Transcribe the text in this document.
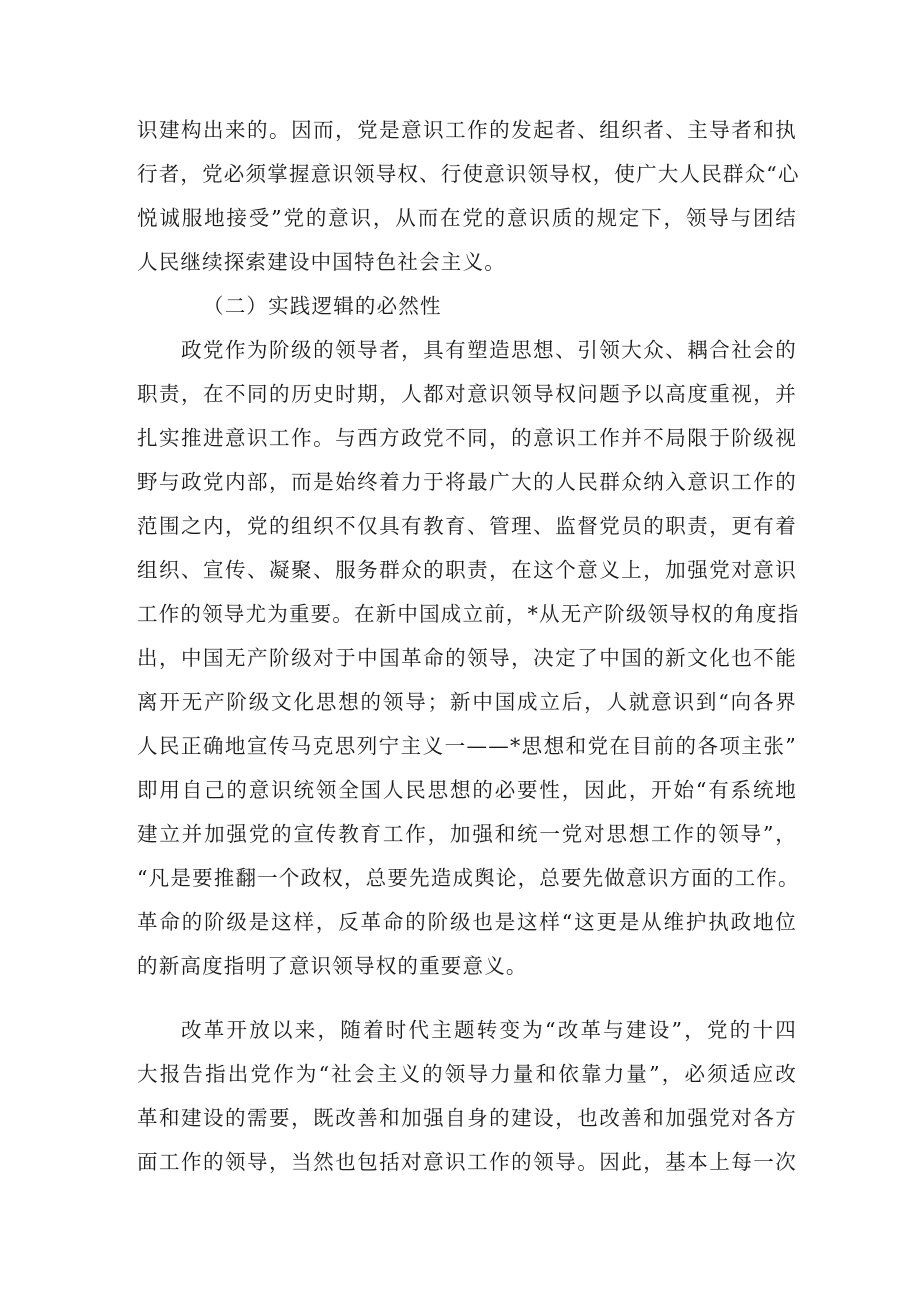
识建构出来的。因而，党是意识工作的发起者、组织者、主导者和执
行者，党必须掌握意识领导权、行使意识领导权，使广大人民群众“心
悦诚服地接受”党的意识，从而在党的意识质的规定下，领导与团结
人民继续探索建设中国特色社会主义。
（二）实践逻辑的必然性
政党作为阶级的领导者，具有塑造思想、引领大众、耦合社会的
职责，在不同的历史时期，人都对意识领导权问题予以高度重视，并
扎实推进意识工作。与西方政党不同，的意识工作并不局限于阶级视
野与政党内部，而是始终着力于将最广大的人民群众纳入意识工作的
范围之内，党的组织不仅具有教育、管理、监督党员的职责，更有着
组织、宣传、凝聚、服务群众的职责，在这个意义上，加强党对意识
工作的领导尤为重要。在新中国成立前，*从无产阶级领导权的角度指
出，中国无产阶级对于中国革命的领导，决定了中国的新文化也不能
离开无产阶级文化思想的领导；新中国成立后，人就意识到“向各界
人民正确地宣传马克思列宁主义一——*思想和党在目前的各项主张”
即用自己的意识统领全国人民思想的必要性，因此，开始“有系统地
建立并加强党的宣传教育工作，加强和统一党对思想工作的领导”，
“凡是要推翻一个政权，总要先造成舆论，总要先做意识方面的工作。
革命的阶级是这样，反革命的阶级也是这样“这更是从维护执政地位
的新高度指明了意识领导权的重要意义。
改革开放以来，随着时代主题转变为“改革与建设”，党的十四
大报告指出党作为“社会主义的领导力量和依靠力量”，必须适应改
革和建设的需要，既改善和加强自身的建设，也改善和加强党对各方
面工作的领导，当然也包括对意识工作的领导。因此，基本上每一次
